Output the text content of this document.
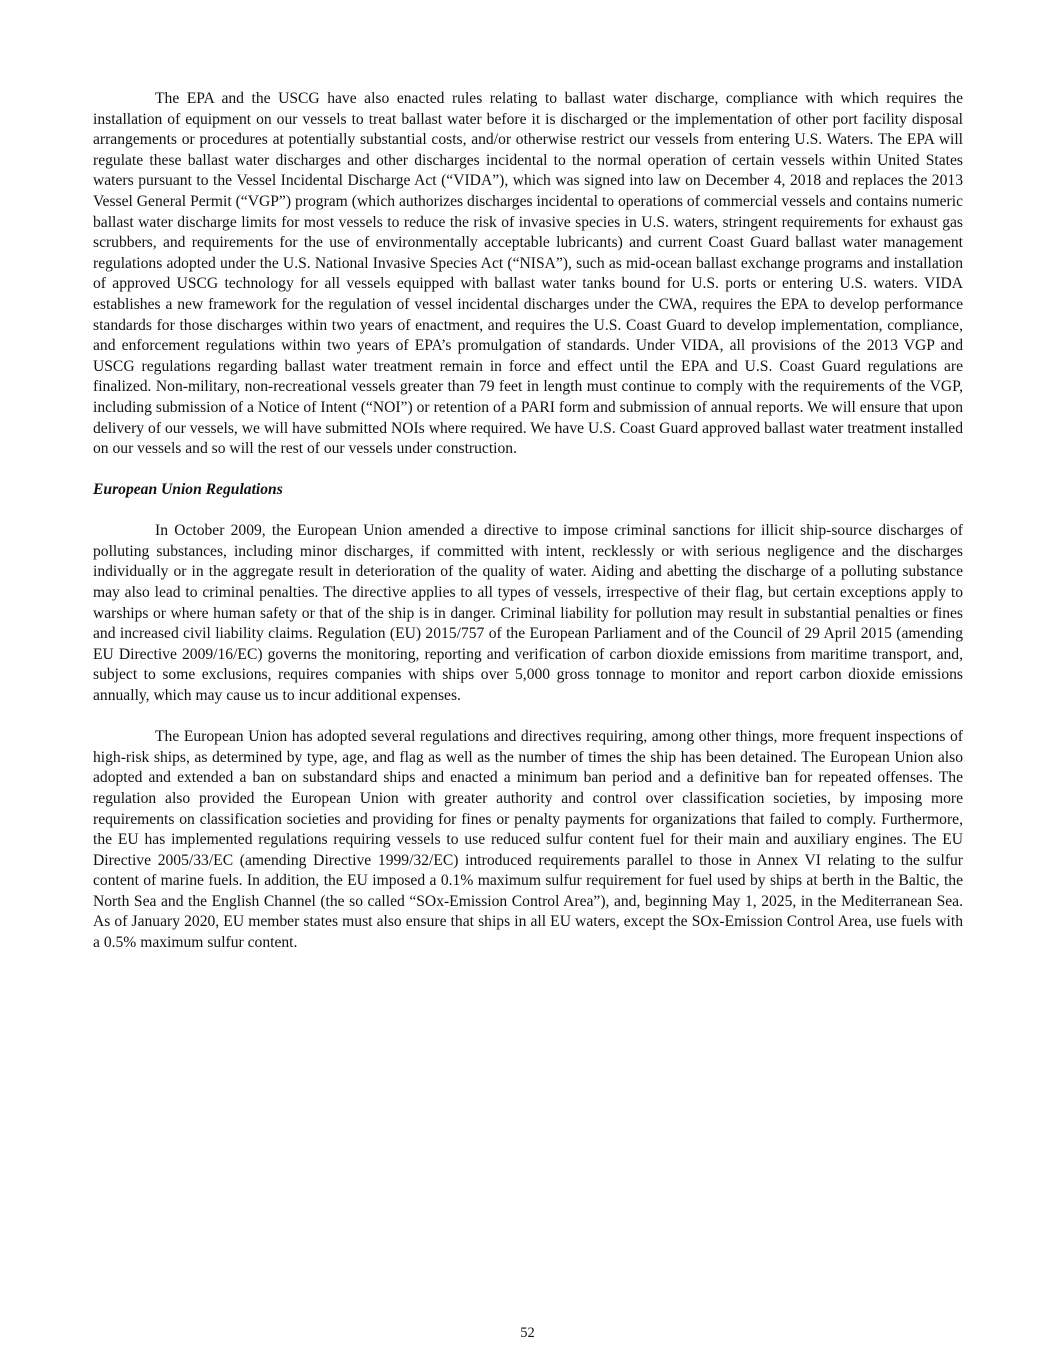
The EPA and the USCG have also enacted rules relating to ballast water discharge, compliance with which requires the installation of equipment on our vessels to treat ballast water before it is discharged or the implementation of other port facility disposal arrangements or procedures at potentially substantial costs, and/or otherwise restrict our vessels from entering U.S. Waters. The EPA will regulate these ballast water discharges and other discharges incidental to the normal operation of certain vessels within United States waters pursuant to the Vessel Incidental Discharge Act (“VIDA”), which was signed into law on December 4, 2018 and replaces the 2013 Vessel General Permit (“VGP”) program (which authorizes discharges incidental to operations of commercial vessels and contains numeric ballast water discharge limits for most vessels to reduce the risk of invasive species in U.S. waters, stringent requirements for exhaust gas scrubbers, and requirements for the use of environmentally acceptable lubricants) and current Coast Guard ballast water management regulations adopted under the U.S. National Invasive Species Act (“NISA”), such as mid-ocean ballast exchange programs and installation of approved USCG technology for all vessels equipped with ballast water tanks bound for U.S. ports or entering U.S. waters. VIDA establishes a new framework for the regulation of vessel incidental discharges under the CWA, requires the EPA to develop performance standards for those discharges within two years of enactment, and requires the U.S. Coast Guard to develop implementation, compliance, and enforcement regulations within two years of EPA’s promulgation of standards. Under VIDA, all provisions of the 2013 VGP and USCG regulations regarding ballast water treatment remain in force and effect until the EPA and U.S. Coast Guard regulations are finalized. Non-military, non-recreational vessels greater than 79 feet in length must continue to comply with the requirements of the VGP, including submission of a Notice of Intent (“NOI”) or retention of a PARI form and submission of annual reports. We will ensure that upon delivery of our vessels, we will have submitted NOIs where required. We have U.S. Coast Guard approved ballast water treatment installed on our vessels and so will the rest of our vessels under construction.

European Union Regulations

In October 2009, the European Union amended a directive to impose criminal sanctions for illicit ship-source discharges of polluting substances, including minor discharges, if committed with intent, recklessly or with serious negligence and the discharges individually or in the aggregate result in deterioration of the quality of water. Aiding and abetting the discharge of a polluting substance may also lead to criminal penalties. The directive applies to all types of vessels, irrespective of their flag, but certain exceptions apply to warships or where human safety or that of the ship is in danger. Criminal liability for pollution may result in substantial penalties or fines and increased civil liability claims. Regulation (EU) 2015/757 of the European Parliament and of the Council of 29 April 2015 (amending EU Directive 2009/16/EC) governs the monitoring, reporting and verification of carbon dioxide emissions from maritime transport, and, subject to some exclusions, requires companies with ships over 5,000 gross tonnage to monitor and report carbon dioxide emissions annually, which may cause us to incur additional expenses.

The European Union has adopted several regulations and directives requiring, among other things, more frequent inspections of high-risk ships, as determined by type, age, and flag as well as the number of times the ship has been detained. The European Union also adopted and extended a ban on substandard ships and enacted a minimum ban period and a definitive ban for repeated offenses. The regulation also provided the European Union with greater authority and control over classification societies, by imposing more requirements on classification societies and providing for fines or penalty payments for organizations that failed to comply. Furthermore, the EU has implemented regulations requiring vessels to use reduced sulfur content fuel for their main and auxiliary engines. The EU Directive 2005/33/EC (amending Directive 1999/32/EC) introduced requirements parallel to those in Annex VI relating to the sulfur content of marine fuels. In addition, the EU imposed a 0.1% maximum sulfur requirement for fuel used by ships at berth in the Baltic, the North Sea and the English Channel (the so called “SOx-Emission Control Area”), and, beginning May 1, 2025, in the Mediterranean Sea. As of January 2020, EU member states must also ensure that ships in all EU waters, except the SOx-Emission Control Area, use fuels with a 0.5% maximum sulfur content.

52
